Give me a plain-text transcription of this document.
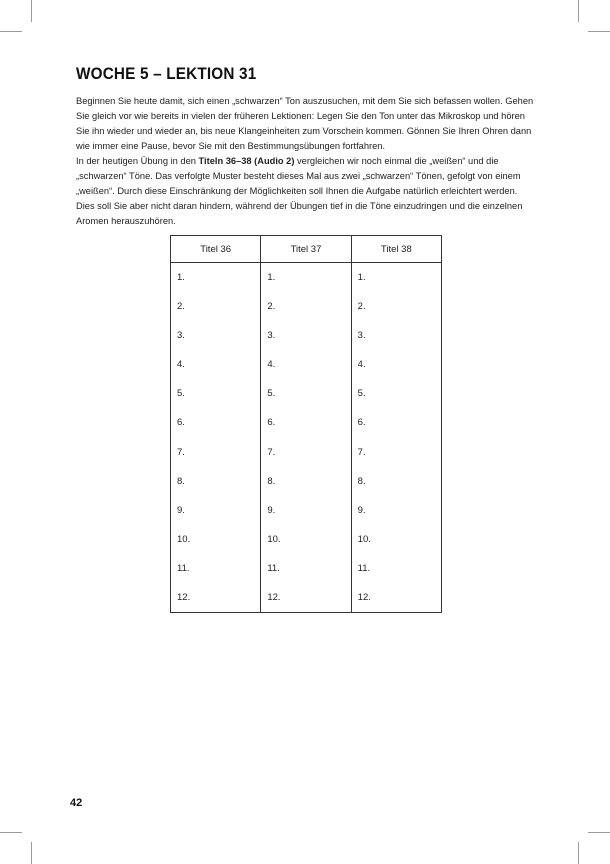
WOCHE 5 – LEKTION 31

Beginnen Sie heute damit, sich einen „schwarzen“ Ton auszusuchen, mit dem Sie sich befassen wollen. Gehen Sie gleich vor wie bereits in vielen der früheren Lektionen: Legen Sie den Ton unter das Mikroskop und hören Sie ihn wieder und wieder an, bis neue Klangeinheiten zum Vorschein kommen. Gönnen Sie Ihren Ohren dann wie immer eine Pause, bevor Sie mit den Bestimmungsübungen fortfahren.

In der heutigen Übung in den Titeln 36–38 (Audio 2) vergleichen wir noch einmal die „weißen“ und die „schwarzen“ Töne. Das verfolgte Muster besteht dieses Mal aus zwei „schwarzen“ Tönen, gefolgt von einem „weißen“. Durch diese Einschränkung der Möglichkeiten soll Ihnen die Aufgabe natürlich erleichtert werden. Dies soll Sie aber nicht daran hindern, während der Übungen tief in die Töne einzudringen und die einzelnen Aromen herauszuhören.

Titel 36	Titel 37	Titel 38
1.	1.	1.
2.	2.	2.
3.	3.	3.
4.	4.	4.
5.	5.	5.
6.	6.	6.
7.	7.	7.
8.	8.	8.
9.	9.	9.
10.	10.	10.
11.	11.	11.
12.	12.	12.
42
